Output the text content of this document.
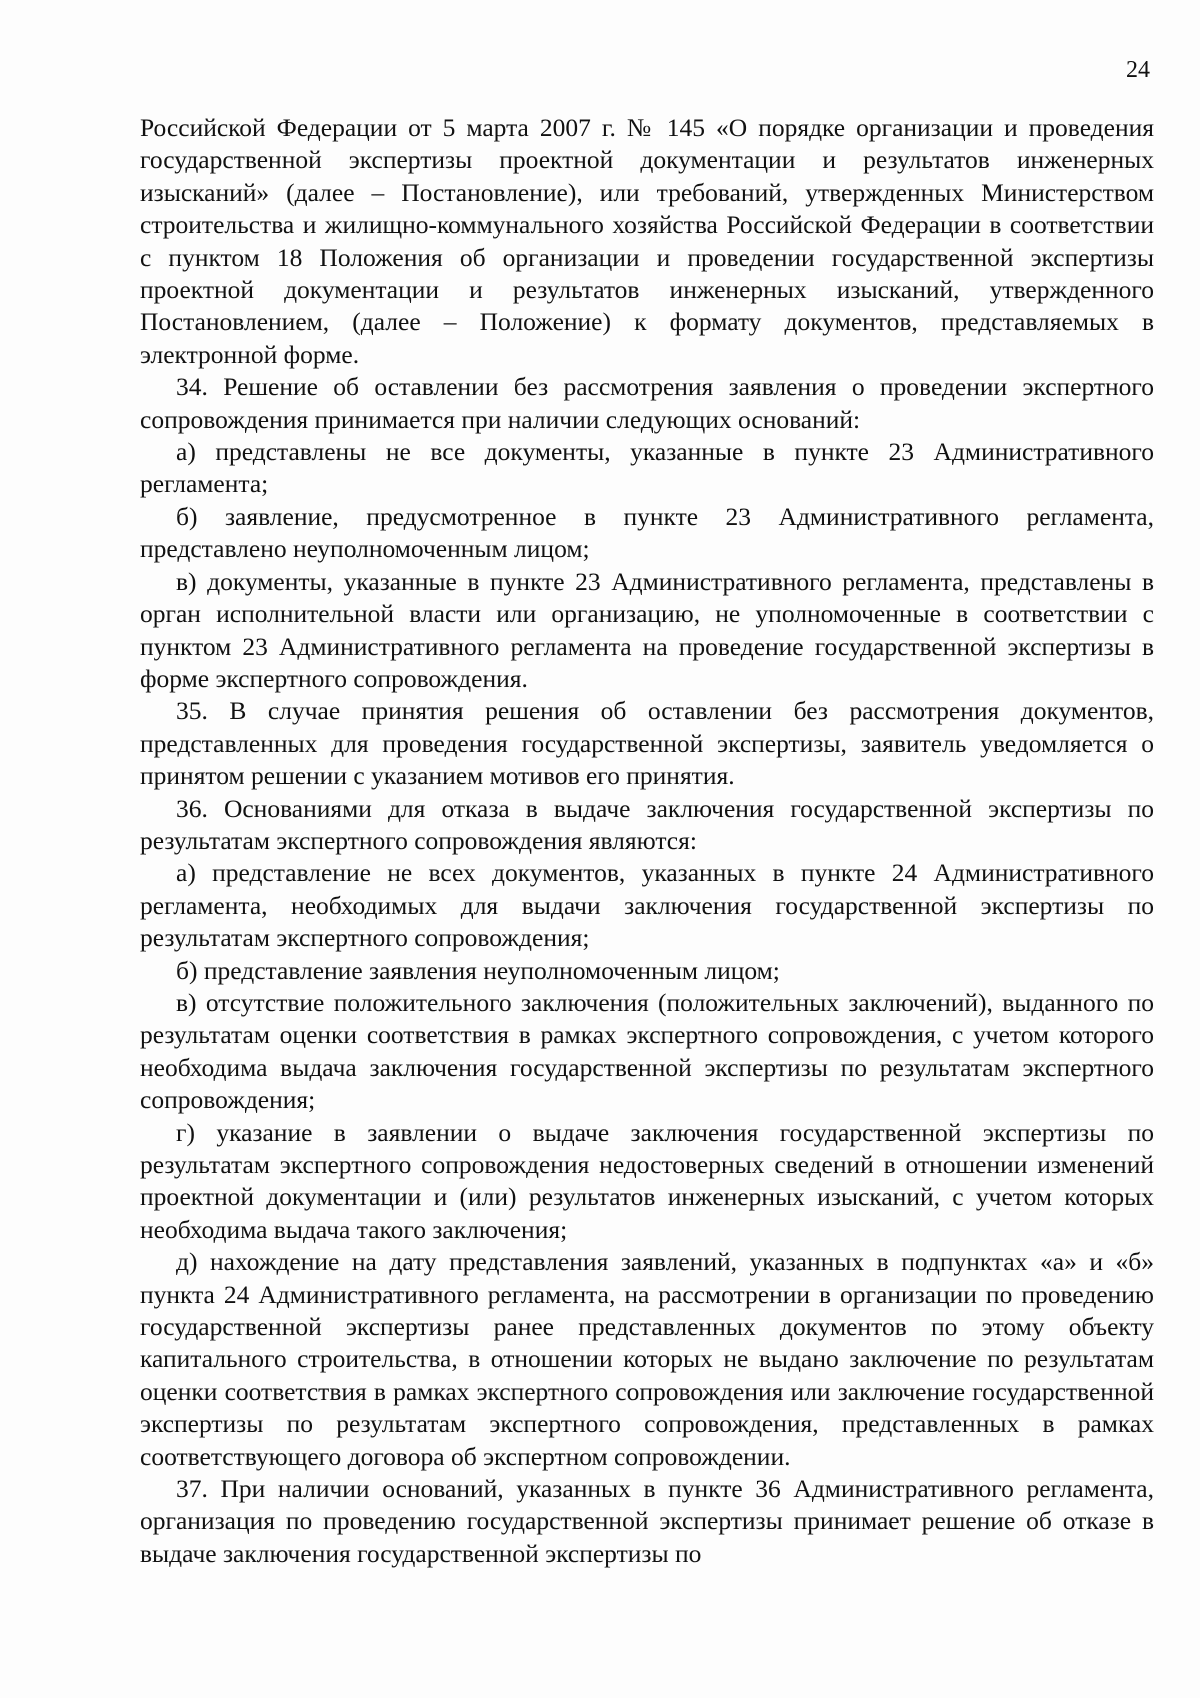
24

Российской Федерации от 5 марта 2007 г. № 145 «О порядке организации и проведения государственной экспертизы проектной документации и результатов инженерных изысканий» (далее – Постановление), или требований, утвержденных Министерством строительства и жилищно-коммунального хозяйства Российской Федерации в соответствии с пунктом 18 Положения об организации и проведении государственной экспертизы проектной документации и результатов инженерных изысканий, утвержденного Постановлением, (далее – Положение) к формату документов, представляемых в электронной форме.

34. Решение об оставлении без рассмотрения заявления о проведении экспертного сопровождения принимается при наличии следующих оснований:

а) представлены не все документы, указанные в пункте 23 Административного регламента;

б) заявление, предусмотренное в пункте 23 Административного регламента, представлено неуполномоченным лицом;

в) документы, указанные в пункте 23 Административного регламента, представлены в орган исполнительной власти или организацию, не уполномоченные в соответствии с пунктом 23 Административного регламента на проведение государственной экспертизы в форме экспертного сопровождения.

35. В случае принятия решения об оставлении без рассмотрения документов, представленных для проведения государственной экспертизы, заявитель уведомляется о принятом решении с указанием мотивов его принятия.

36. Основаниями для отказа в выдаче заключения государственной экспертизы по результатам экспертного сопровождения являются:

а) представление не всех документов, указанных в пункте 24 Административного регламента, необходимых для выдачи заключения государственной экспертизы по результатам экспертного сопровождения;

б) представление заявления неуполномоченным лицом;

в) отсутствие положительного заключения (положительных заключений), выданного по результатам оценки соответствия в рамках экспертного сопровождения, с учетом которого необходима выдача заключения государственной экспертизы по результатам экспертного сопровождения;

г) указание в заявлении о выдаче заключения государственной экспертизы по результатам экспертного сопровождения недостоверных сведений в отношении изменений проектной документации и (или) результатов инженерных изысканий, с учетом которых необходима выдача такого заключения;

д) нахождение на дату представления заявлений, указанных в подпунктах «а» и «б» пункта 24 Административного регламента, на рассмотрении в организации по проведению государственной экспертизы ранее представленных документов по этому объекту капитального строительства, в отношении которых не выдано заключение по результатам оценки соответствия в рамках экспертного сопровождения или заключение государственной экспертизы по результатам экспертного сопровождения, представленных в рамках соответствующего договора об экспертном сопровождении.

37. При наличии оснований, указанных в пункте 36 Административного регламента, организация по проведению государственной экспертизы принимает решение об отказе в выдаче заключения государственной экспертизы по
